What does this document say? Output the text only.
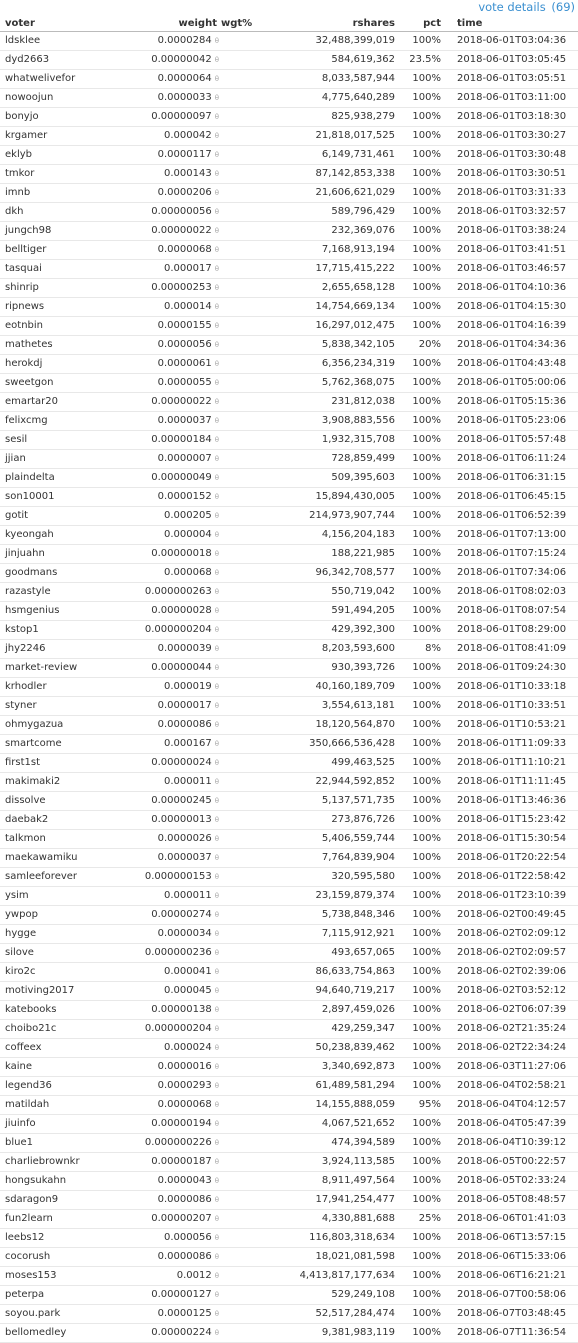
vote details (69)
voter	weight	wgt%	rshares	pct	time
ldsklee	0.0000284 θ		32,488,399,019	100%	2018-06-01T03:04:36
dyd2663	0.00000042 θ		584,619,362	23.5%	2018-06-01T03:05:45
whatwelivefor	0.0000064 θ		8,033,587,944	100%	2018-06-01T03:05:51
nowoojun	0.0000033 θ		4,775,640,289	100%	2018-06-01T03:11:00
bonyjo	0.00000097 θ		825,938,279	100%	2018-06-01T03:18:30
krgamer	0.000042 θ		21,818,017,525	100%	2018-06-01T03:30:27
eklyb	0.0000117 θ		6,149,731,461	100%	2018-06-01T03:30:48
tmkor	0.000143 θ		87,142,853,338	100%	2018-06-01T03:30:51
imnb	0.0000206 θ		21,606,621,029	100%	2018-06-01T03:31:33
dkh	0.00000056 θ		589,796,429	100%	2018-06-01T03:32:57
jungch98	0.00000022 θ		232,369,076	100%	2018-06-01T03:38:24
belltiger	0.0000068 θ		7,168,913,194	100%	2018-06-01T03:41:51
tasquai	0.000017 θ		17,715,415,222	100%	2018-06-01T03:46:57
shinrip	0.00000253 θ		2,655,658,128	100%	2018-06-01T04:10:36
ripnews	0.000014 θ		14,754,669,134	100%	2018-06-01T04:15:30
eotnbin	0.0000155 θ		16,297,012,475	100%	2018-06-01T04:16:39
mathetes	0.0000056 θ		5,838,342,105	20%	2018-06-01T04:34:36
herokdj	0.0000061 θ		6,356,234,319	100%	2018-06-01T04:43:48
sweetgon	0.0000055 θ		5,762,368,075	100%	2018-06-01T05:00:06
emartar20	0.00000022 θ		231,812,038	100%	2018-06-01T05:15:36
felixcmg	0.0000037 θ		3,908,883,556	100%	2018-06-01T05:23:06
sesil	0.00000184 θ		1,932,315,708	100%	2018-06-01T05:57:48
jjian	0.0000007 θ		728,859,499	100%	2018-06-01T06:11:24
plaindelta	0.00000049 θ		509,395,603	100%	2018-06-01T06:31:15
son10001	0.0000152 θ		15,894,430,005	100%	2018-06-01T06:45:15
gotit	0.000205 θ		214,973,907,744	100%	2018-06-01T06:52:39
kyeongah	0.000004 θ		4,156,204,183	100%	2018-06-01T07:13:00
jinjuahn	0.00000018 θ		188,221,985	100%	2018-06-01T07:15:24
goodmans	0.000068 θ		96,342,708,577	100%	2018-06-01T07:34:06
razastyle	0.000000263 θ		550,719,042	100%	2018-06-01T08:02:03
hsmgenius	0.00000028 θ		591,494,205	100%	2018-06-01T08:07:54
kstop1	0.000000204 θ		429,392,300	100%	2018-06-01T08:29:00
jhy2246	0.0000039 θ		8,203,593,600	8%	2018-06-01T08:41:09
market-review	0.00000044 θ		930,393,726	100%	2018-06-01T09:24:30
krhodler	0.000019 θ		40,160,189,709	100%	2018-06-01T10:33:18
styner	0.0000017 θ		3,554,613,181	100%	2018-06-01T10:33:51
ohmygazua	0.0000086 θ		18,120,564,870	100%	2018-06-01T10:53:21
smartcome	0.000167 θ		350,666,536,428	100%	2018-06-01T11:09:33
first1st	0.00000024 θ		499,463,525	100%	2018-06-01T11:10:21
makimaki2	0.000011 θ		22,944,592,852	100%	2018-06-01T11:11:45
dissolve	0.00000245 θ		5,137,571,735	100%	2018-06-01T13:46:36
daebak2	0.00000013 θ		273,876,726	100%	2018-06-01T15:23:42
talkmon	0.0000026 θ		5,406,559,744	100%	2018-06-01T15:30:54
maekawamiku	0.0000037 θ		7,764,839,904	100%	2018-06-01T20:22:54
samleeforever	0.000000153 θ		320,595,580	100%	2018-06-01T22:58:42
ysim	0.000011 θ		23,159,879,374	100%	2018-06-01T23:10:39
ywpop	0.00000274 θ		5,738,848,346	100%	2018-06-02T00:49:45
hygge	0.0000034 θ		7,115,912,921	100%	2018-06-02T02:09:12
silove	0.000000236 θ		493,657,065	100%	2018-06-02T02:09:57
kiro2c	0.000041 θ		86,633,754,863	100%	2018-06-02T02:39:06
motiving2017	0.000045 θ		94,640,719,217	100%	2018-06-02T03:52:12
katebooks	0.00000138 θ		2,897,459,026	100%	2018-06-02T06:07:39
choibo21c	0.000000204 θ		429,259,347	100%	2018-06-02T21:35:24
coffeex	0.000024 θ		50,238,839,462	100%	2018-06-02T22:34:24
kaine	0.0000016 θ		3,340,692,873	100%	2018-06-03T11:27:06
legend36	0.0000293 θ		61,489,581,294	100%	2018-06-04T02:58:21
matildah	0.0000068 θ		14,155,888,059	95%	2018-06-04T04:12:57
jiuinfo	0.00000194 θ		4,067,521,652	100%	2018-06-04T05:47:39
blue1	0.000000226 θ		474,394,589	100%	2018-06-04T10:39:12
charliebrownkr	0.00000187 θ		3,924,113,585	100%	2018-06-05T00:22:57
hongsukahn	0.0000043 θ		8,911,497,564	100%	2018-06-05T02:33:24
sdaragon9	0.0000086 θ		17,941,254,477	100%	2018-06-05T08:48:57
fun2learn	0.00000207 θ		4,330,881,688	25%	2018-06-06T01:41:03
leebs12	0.000056 θ		116,803,318,634	100%	2018-06-06T13:57:15
cocorush	0.0000086 θ		18,021,081,598	100%	2018-06-06T15:33:06
moses153	0.0012 θ		4,413,817,177,634	100%	2018-06-06T16:21:21
peterpa	0.00000127 θ		529,249,108	100%	2018-06-07T00:58:06
soyou.park	0.0000125 θ		52,517,284,474	100%	2018-06-07T03:48:45
bellomedley	0.00000224 θ		9,381,983,119	100%	2018-06-07T11:36:54
